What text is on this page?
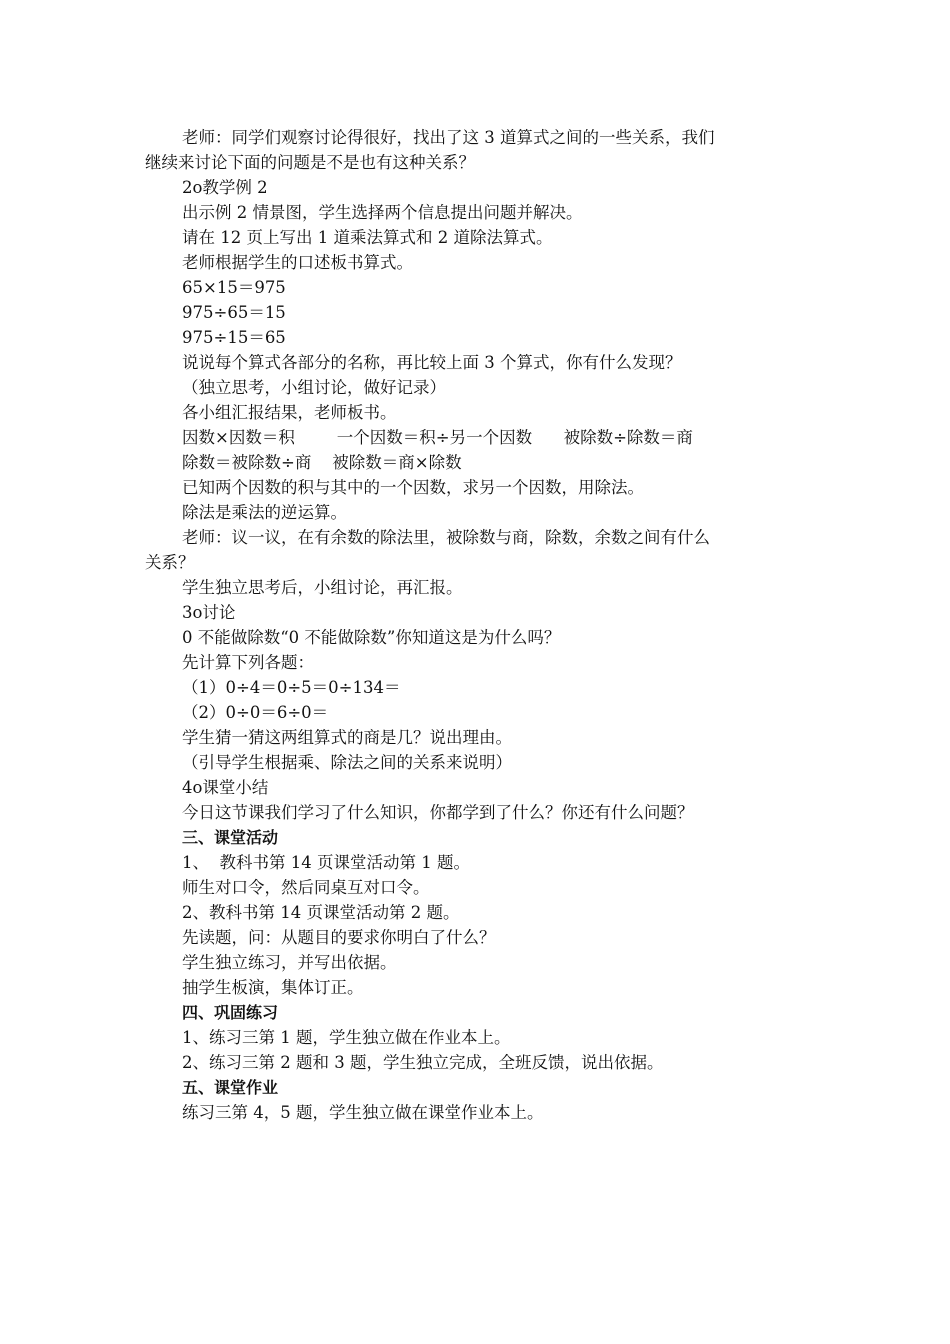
老师：同学们观察讨论得很好，找出了这 3 道算式之间的一些关系，我们
继续来讨论下面的问题是不是也有这种关系？
2o教学例 2
出示例 2 情景图，学生选择两个信息提出问题并解决。
请在 12 页上写出 1 道乘法算式和 2 道除法算式。
老师根据学生的口述板书算式。
65×15＝975
975÷65＝15
975÷15＝65
说说每个算式各部分的名称，再比较上面 3 个算式，你有什么发现？
（独立思考，小组讨论，做好记录）
各小组汇报结果，老师板书。
因数×因数＝积        一个因数＝积÷另一个因数      被除数÷除数＝商
除数＝被除数÷商    被除数＝商×除数
已知两个因数的积与其中的一个因数，求另一个因数，用除法。
除法是乘法的逆运算。
老师：议一议，在有余数的除法里，被除数与商，除数，余数之间有什么
关系？
学生独立思考后，小组讨论，再汇报。
3o讨论
0 不能做除数“0 不能做除数”你知道这是为什么吗？
先计算下列各题：
（1）0÷4＝0÷5＝0÷134＝
（2）0÷0＝6÷0＝
学生猜一猜这两组算式的商是几？说出理由。
（引导学生根据乘、除法之间的关系来说明）
4o课堂小结
今日这节课我们学习了什么知识，你都学到了什么？你还有什么问题？
三、课堂活动
1、  教科书第 14 页课堂活动第 1 题。
师生对口令，然后同桌互对口令。
2、教科书第 14 页课堂活动第 2 题。
先读题，问：从题目的要求你明白了什么？
学生独立练习，并写出依据。
抽学生板演，集体订正。
四、巩固练习
1、练习三第 1 题，学生独立做在作业本上。
2、练习三第 2 题和 3 题，学生独立完成，全班反馈，说出依据。
五、课堂作业
练习三第 4，5 题，学生独立做在课堂作业本上。
